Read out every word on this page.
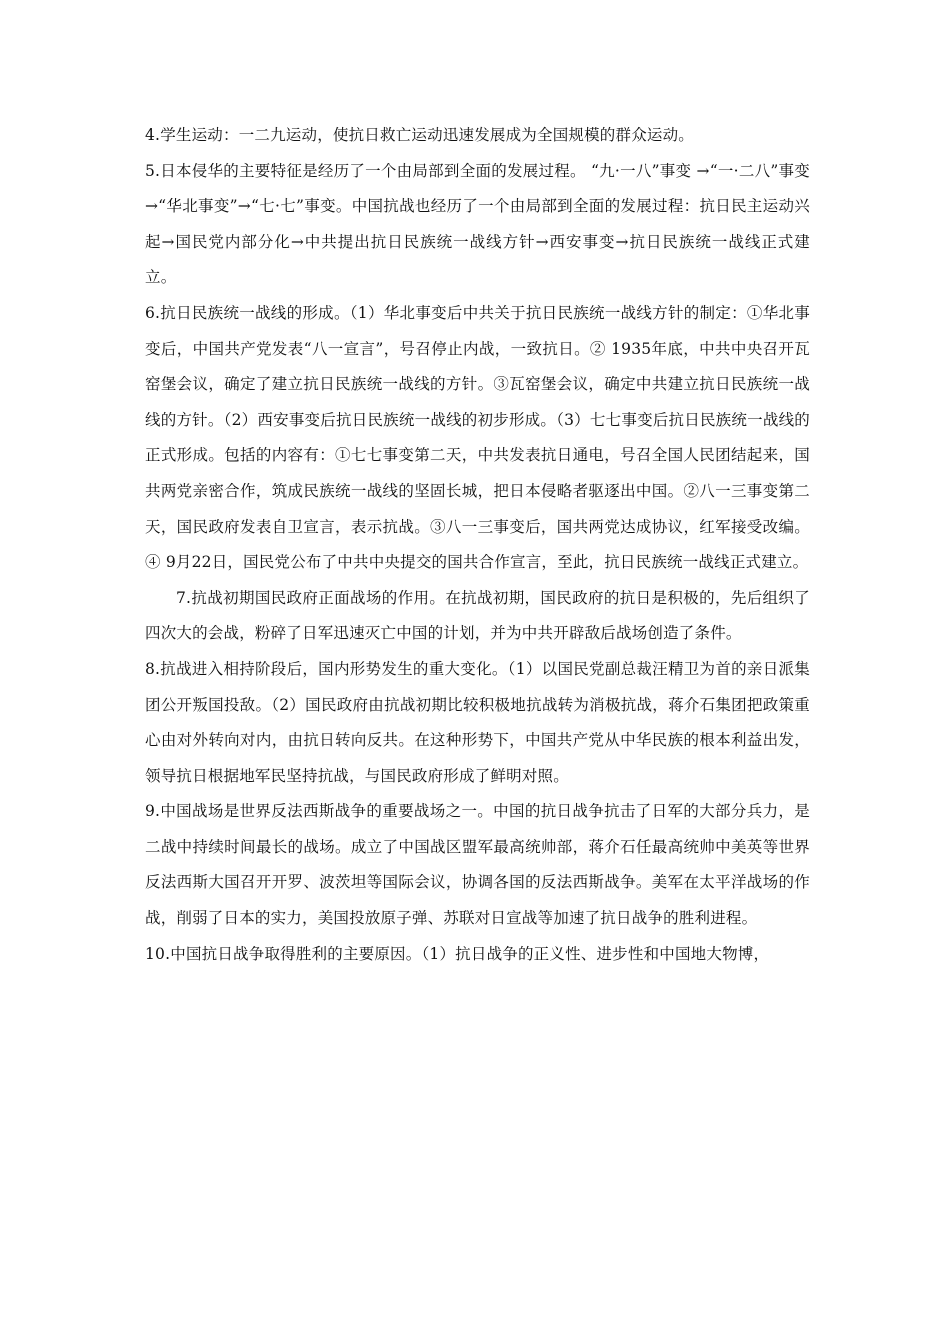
4.学生运动：一二九运动，使抗日救亡运动迅速发展成为全国规模的群众运动。

5.日本侵华的主要特征是经历了一个由局部到全面的发展过程。 “九·一八”事变 →“一·二八”事变 →“华北事变”→“七·七”事变。中国抗战也经历了一个由局部到全面的发展过程：抗日民主运动兴起→国民党内部分化→中共提出抗日民族统一战线方针→西安事变→抗日民族统一战线正式建立。

6.抗日民族统一战线的形成。（1）华北事变后中共关于抗日民族统一战线方针的制定：①华北事变后，中国共产党发表“八一宣言”，号召停止内战，一致抗日。② 1935年底，中共中央召开瓦窑堡会议，确定了建立抗日民族统一战线的方针。③瓦窑堡会议，确定中共建立抗日民族统一战线的方针。（2）西安事变后抗日民族统一战线的初步形成。（3）七七事变后抗日民族统一战线的正式形成。包括的内容有：①七七事变第二天，中共发表抗日通电，号召全国人民团结起来，国共两党亲密合作，筑成民族统一战线的坚固长城，把日本侵略者驱逐出中国。②八一三事变第二天，国民政府发表自卫宣言，表示抗战。③八一三事变后，国共两党达成协议，红军接受改编。④ 9月22日，国民党公布了中共中央提交的国共合作宣言，至此，抗日民族统一战线正式建立。

7.抗战初期国民政府正面战场的作用。在抗战初期，国民政府的抗日是积极的，先后组织了四次大的会战，粉碎了日军迅速灭亡中国的计划，并为中共开辟敌后战场创造了条件。

8.抗战进入相持阶段后，国内形势发生的重大变化。（1）以国民党副总裁汪精卫为首的亲日派集团公开叛国投敌。（2）国民政府由抗战初期比较积极地抗战转为消极抗战，蒋介石集团把政策重心由对外转向对内，由抗日转向反共。在这种形势下，中国共产党从中华民族的根本利益出发，领导抗日根据地军民坚持抗战，与国民政府形成了鲜明对照。

9.中国战场是世界反法西斯战争的重要战场之一。中国的抗日战争抗击了日军的大部分兵力，是二战中持续时间最长的战场。成立了中国战区盟军最高统帅部，蒋介石任最高统帅中美英等世界反法西斯大国召开开罗、波茨坦等国际会议，协调各国的反法西斯战争。美军在太平洋战场的作战，削弱了日本的实力，美国投放原子弹、苏联对日宣战等加速了抗日战争的胜利进程。

10.中国抗日战争取得胜利的主要原因。（1）抗日战争的正义性、进步性和中国地大物博，
